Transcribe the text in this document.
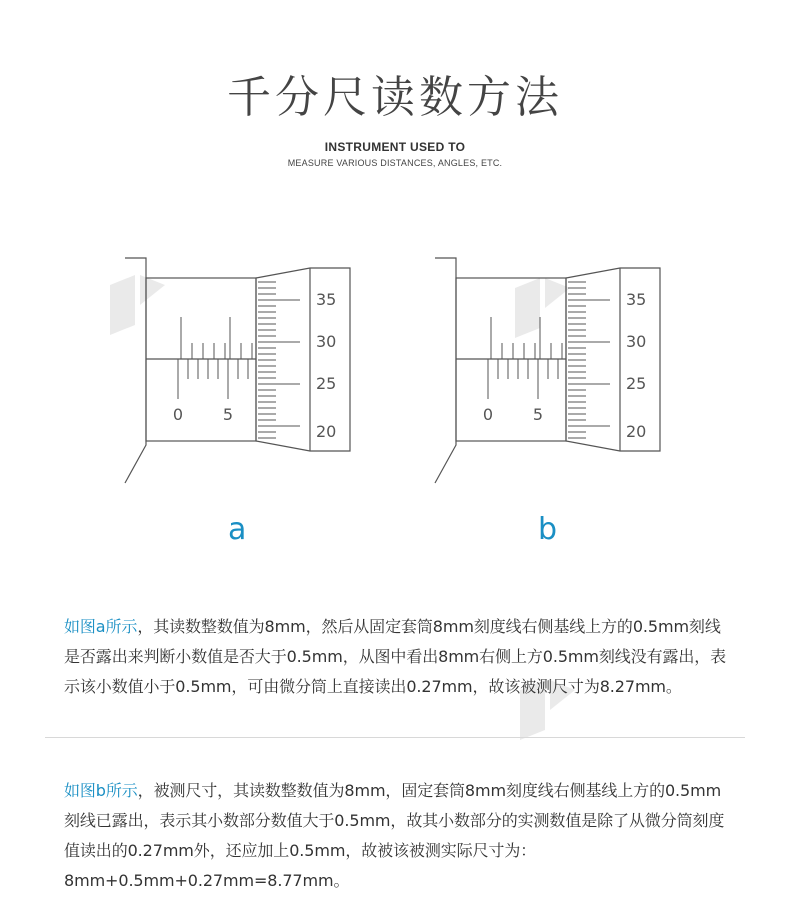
千分尺读数方法
INSTRUMENT USED TO
MEASURE VARIOUS DISTANCES, ANGLES, ETC.
0 5
35
30
25
20
0 5
35
30
25
20
a	b
如图a所示，其读数整数值为8mm，然后从固定套筒8mm刻度线右侧基线上方的0.5mm刻线是否露出来判断小数值是否大于0.5mm，从图中看出8mm右侧上方0.5mm刻线没有露出，表示该小数值小于0.5mm，可由微分筒上直接读出0.27mm，故该被测尺寸为8.27mm。
如图b所示，被测尺寸，其读数整数值为8mm，固定套筒8mm刻度线右侧基线上方的0.5mm刻线已露出，表示其小数部分数值大于0.5mm，故其小数部分的实测数值是除了从微分筒刻度值读出的0.27mm外，还应加上0.5mm，故被该被测实际尺寸为：8mm+0.5mm+0.27mm=8.77mm。
